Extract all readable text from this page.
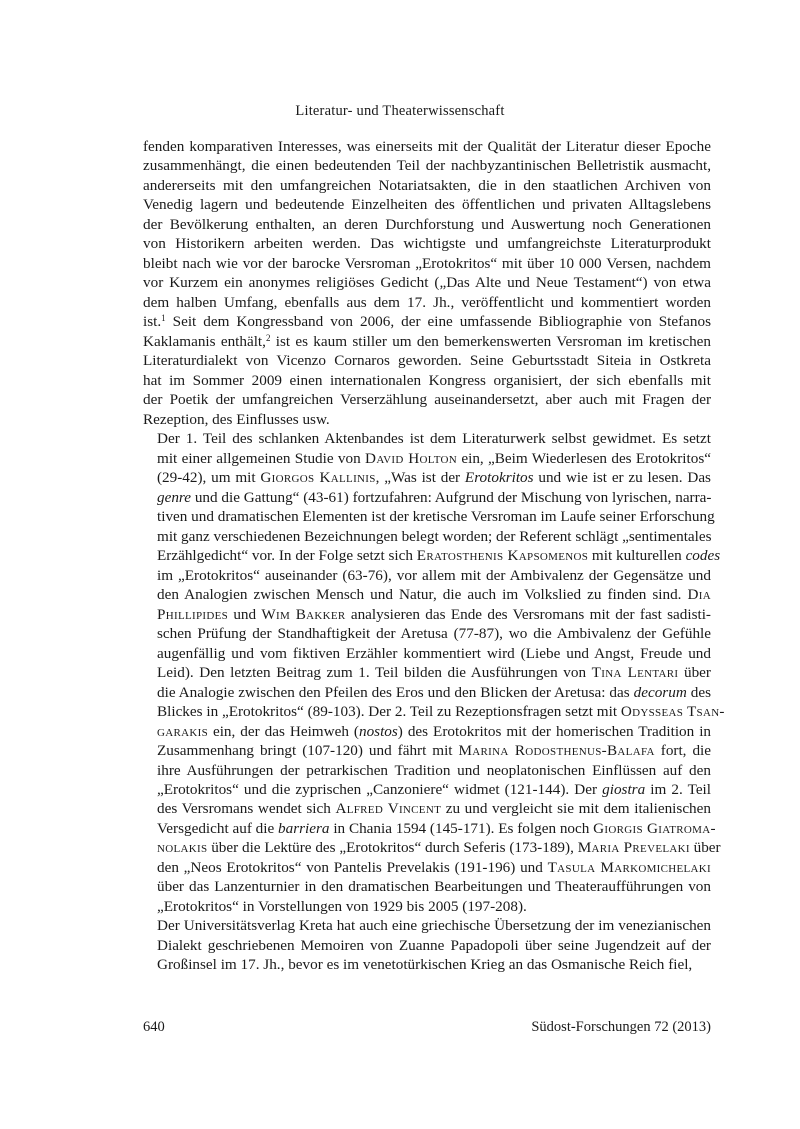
Literatur- und Theaterwissenschaft

fenden komparativen Interesses, was einerseits mit der Qualität der Literatur dieser Epoche
zusammenhängt, die einen bedeutenden Teil der nachbyzantinischen Belletristik ausmacht,
andererseits mit den umfangreichen Notariatsakten, die in den staatlichen Archiven von
Venedig lagern und bedeutende Einzelheiten des öffentlichen und privaten Alltagslebens
der Bevölkerung enthalten, an deren Durchforstung und Auswertung noch Generationen
von Historikern arbeiten werden. Das wichtigste und umfangreichste Literaturprodukt
bleibt nach wie vor der barocke Versroman „Erotokritos“ mit über 10 000 Versen, nachdem
vor Kurzem ein anonymes religiöses Gedicht („Das Alte und Neue Testament“) von etwa
dem halben Umfang, ebenfalls aus dem 17. Jh., veröffentlicht und kommentiert worden
ist.$^1$ Seit dem Kongressband von 2006, der eine umfassende Bibliographie von Stefanos
Kaklamanis enthält,$^2$ ist es kaum stiller um den bemerkenswerten Versroman im kretischen
Literaturdialekt von Vicenzo Cornaros geworden. Seine Geburtsstadt Siteia in Ostkreta
hat im Sommer 2009 einen internationalen Kongress organisiert, der sich ebenfalls mit
der Poetik der umfangreichen Verserzählung auseinandersetzt, aber auch mit Fragen der
Rezeption, des Einflusses usw.

Der 1. Teil des schlanken Aktenbandes ist dem Literaturwerk selbst gewidmet. Es setzt
mit einer allgemeinen Studie von David Holton ein, „Beim Wiederlesen des Erotokritos“
(29-42), um mit Giorgos Kallinis, „Was ist der Erotokritos und wie ist er zu lesen. Das
genre und die Gattung“ (43-61) fortzufahren: Aufgrund der Mischung von lyrischen, narra-
tiven und dramatischen Elementen ist der kretische Versroman im Laufe seiner Erforschung
mit ganz verschiedenen Bezeichnungen belegt worden; der Referent schlägt „sentimentales
Erzählgedicht“ vor. In der Folge setzt sich Eratosthenis Kapsomenos mit kulturellen codes
im „Erotokritos“ auseinander (63-76), vor allem mit der Ambivalenz der Gegensätze und
den Analogien zwischen Mensch und Natur, die auch im Volkslied zu finden sind. Dia
Phillipides und Wim Bakker analysieren das Ende des Versromans mit der fast sadisti-
schen Prüfung der Standhaftigkeit der Aretusa (77-87), wo die Ambivalenz der Gefühle
augenfällig und vom fiktiven Erzähler kommentiert wird (Liebe und Angst, Freude und
Leid). Den letzten Beitrag zum 1. Teil bilden die Ausführungen von Tina Lentari über
die Analogie zwischen den Pfeilen des Eros und den Blicken der Aretusa: das decorum des
Blickes in „Erotokritos“ (89-103). Der 2. Teil zu Rezeptionsfragen setzt mit Odysseas Tsan-
garakis ein, der das Heimweh (nostos) des Erotokritos mit der homerischen Tradition in
Zusammenhang bringt (107-120) und fährt mit Marina Rodosthenus-Balafa fort, die
ihre Ausführungen der petrarkischen Tradition und neoplatonischen Einflüssen auf den
„Erotokritos“ und die zyprischen „Canzoniere“ widmet (121-144). Der giostra im 2. Teil
des Versromans wendet sich Alfred Vincent zu und vergleicht sie mit dem italienischen
Versgedicht auf die barriera in Chania 1594 (145-171). Es folgen noch Giorgis Giatroma-
nolakis über die Lektüre des „Erotokritos“ durch Seferis (173-189), Maria Prevelaki über
den „Neos Erotokritos“ von Pantelis Prevelakis (191-196) und Tasula Markomichelaki
über das Lanzenturnier in den dramatischen Bearbeitungen und Theateraufführungen von
„Erotokritos“ in Vorstellungen von 1929 bis 2005 (197-208).

Der Universitätsverlag Kreta hat auch eine griechische Übersetzung der im venezianischen
Dialekt geschriebenen Memoiren von Zuanne Papadopoli über seine Jugendzeit auf der
Großinsel im 17. Jh., bevor es im venetotürkischen Krieg an das Osmanische Reich fiel,

640	Südost-Forschungen 72 (2013)
